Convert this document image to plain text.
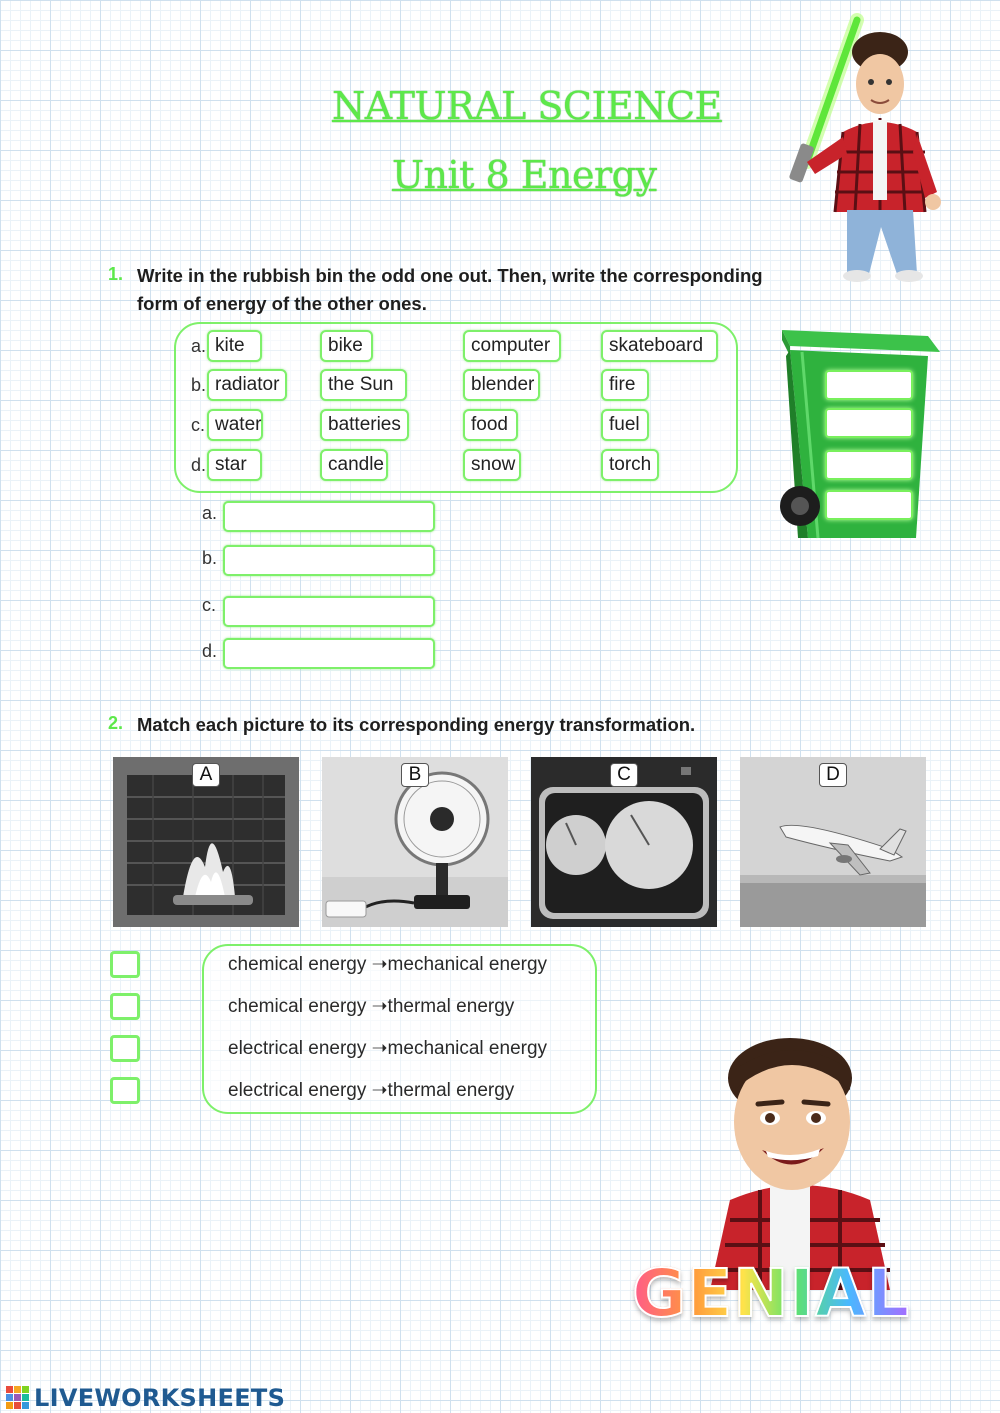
NATURAL SCIENCE
Unit 8 Energy
1. Write in the rubbish bin the odd one out. Then, write the corresponding
form of energy of the other ones.
a. kite	bike	computer	skateboard
b. radiator	the Sun	blender	fire
c. water	batteries	food	fuel
d. star	candle	snow	torch
a.
b.
c.
d.
2. Match each picture to its corresponding energy transformation.
A	B	C	D
chemical energy ➝mechanical energy
chemical energy ➝thermal energy
electrical energy ➝mechanical energy
electrical energy ➝thermal energy
GENIAL
LIVEWORKSHEETS
